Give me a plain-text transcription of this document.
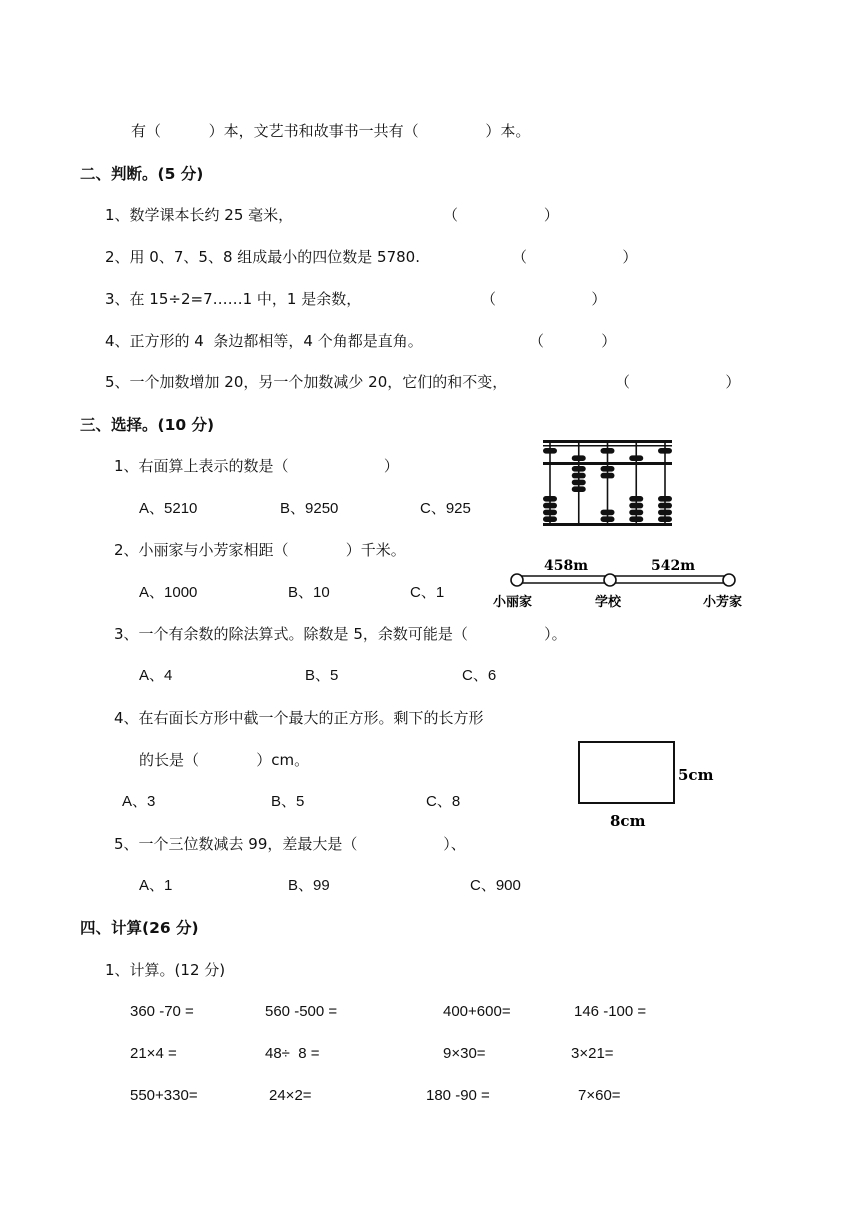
有（          ）本，文艺书和故事书一共有（              ）本。
二、判断。(5 分)
1、数学课本长约 25 毫米，	（                  ）
2、用 0、7、5、8 组成最小的四位数是 5780.	（                    ）
3、在 15÷2=7……1 中，1 是余数，	（                    ）
4、正方形的 4  条边都相等，4 个角都是直角。	（            ）
5、一个加数增加 20，另一个加数减少 20，它们的和不变，	（                    ）
三、选择。(10 分)
1、右面算上表示的数是（                    ）
A、5210	B、9250	C、925
2、小丽家与小芳家相距（            ）千米。
A、1000	B、10	C、1
3、一个有余数的除法算式。除数是 5，余数可能是（                ）。
A、4	B、5	C、6
4、在右面长方形中截一个最大的正方形。剩下的长方形
的长是（            ）cm。
A、3	B、5	C、8
5、一个三位数减去 99，差最大是（                  ）、
A、1	B、99	C、900
四、计算(26 分)
1、计算。(12 分)
360 -70 =	560 -500 =	400+600=	146 -100 =
21×4 =	48÷  8 =	9×30=	3×21=
550+330=	24×2=	180 -90 =	7×60=
458m	542m
小丽家	学校	小芳家
5cm
8cm
